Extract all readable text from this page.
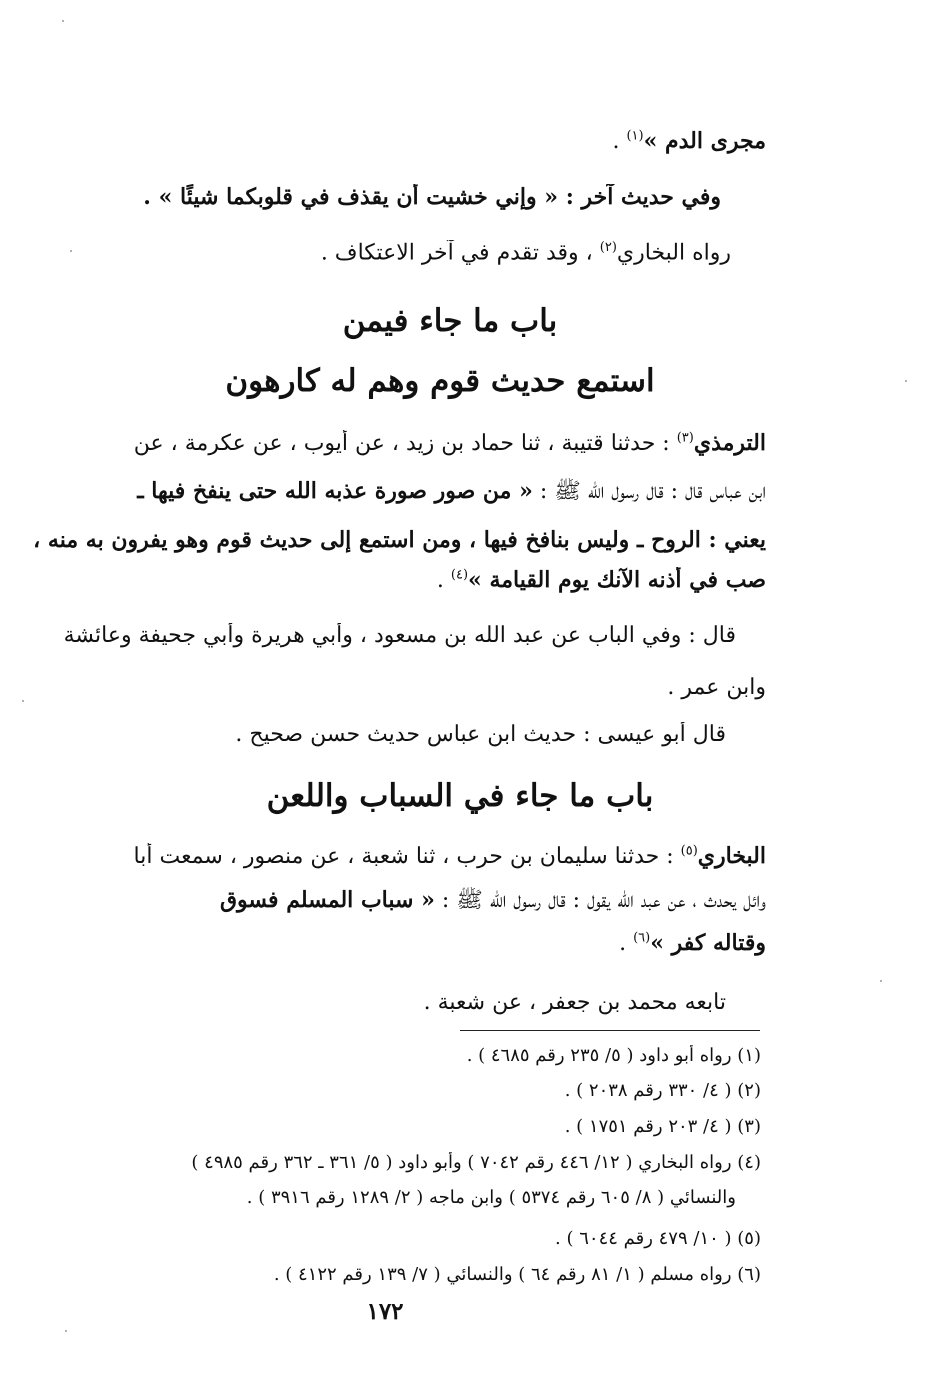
مجرى الدم »$^{(١)}$ .
وفي حديث آخر : « وإني خشيت أن يقذف في قلوبكما شيئًا » .
رواه البخاري$^{(٢)}$ ، وقد تقدم في آخر الاعتكاف .
باب ما جاء فيمن
استمع حديث قوم وهم له كارهون
الترمذي$^{(٣)}$ : حدثنا قتيبة ، ثنا حماد بن زيد ، عن أيوب ، عن عكرمة ، عن
ابن عباس قال : قال رسول الله ﷺ : « من صور صورة عذبه الله حتى ينفخ فيها ـ
يعني : الروح ـ وليس بنافخ فيها ، ومن استمع إلى حديث قوم وهو يفرون به منه ،
صب في أذنه الآنك يوم القيامة »$^{(٤)}$ .
قال : وفي الباب عن عبد الله بن مسعود ، وأبي هريرة وأبي جحيفة وعائشة
وابن عمر .
قال أبو عيسى : حديث ابن عباس حديث حسن صحيح .
باب ما جاء في السباب واللعن
البخاري$^{(٥)}$ : حدثنا سليمان بن حرب ، ثنا شعبة ، عن منصور ، سمعت أبا
وائل يحدث ، عن عبد الله يقول : قال رسول الله ﷺ : « سباب المسلم فسوق
وقتاله كفر »$^{(٦)}$ .
تابعه محمد بن جعفر ، عن شعبة .
(١) رواه أبو داود ( ٥/ ٢٣٥ رقم ٤٦٨٥ ) .
(٢) ( ٤/ ٣٣٠ رقم ٢٠٣٨ ) .
(٣) ( ٤/ ٢٠٣ رقم ١٧٥١ ) .
(٤) رواه البخاري ( ١٢/ ٤٤٦ رقم ٧٠٤٢ ) وأبو داود ( ٥/ ٣٦١ ـ ٣٦٢ رقم ٤٩٨٥ )
والنسائي ( ٨/ ٦٠٥ رقم ٥٣٧٤ ) وابن ماجه ( ٢/ ١٢٨٩ رقم ٣٩١٦ ) .
(٥) ( ١٠/ ٤٧٩ رقم ٦٠٤٤ ) .
(٦) رواه مسلم ( ١/ ٨١ رقم ٦٤ ) والنسائي ( ٧/ ١٣٩ رقم ٤١٢٢ ) .
١٧٢
